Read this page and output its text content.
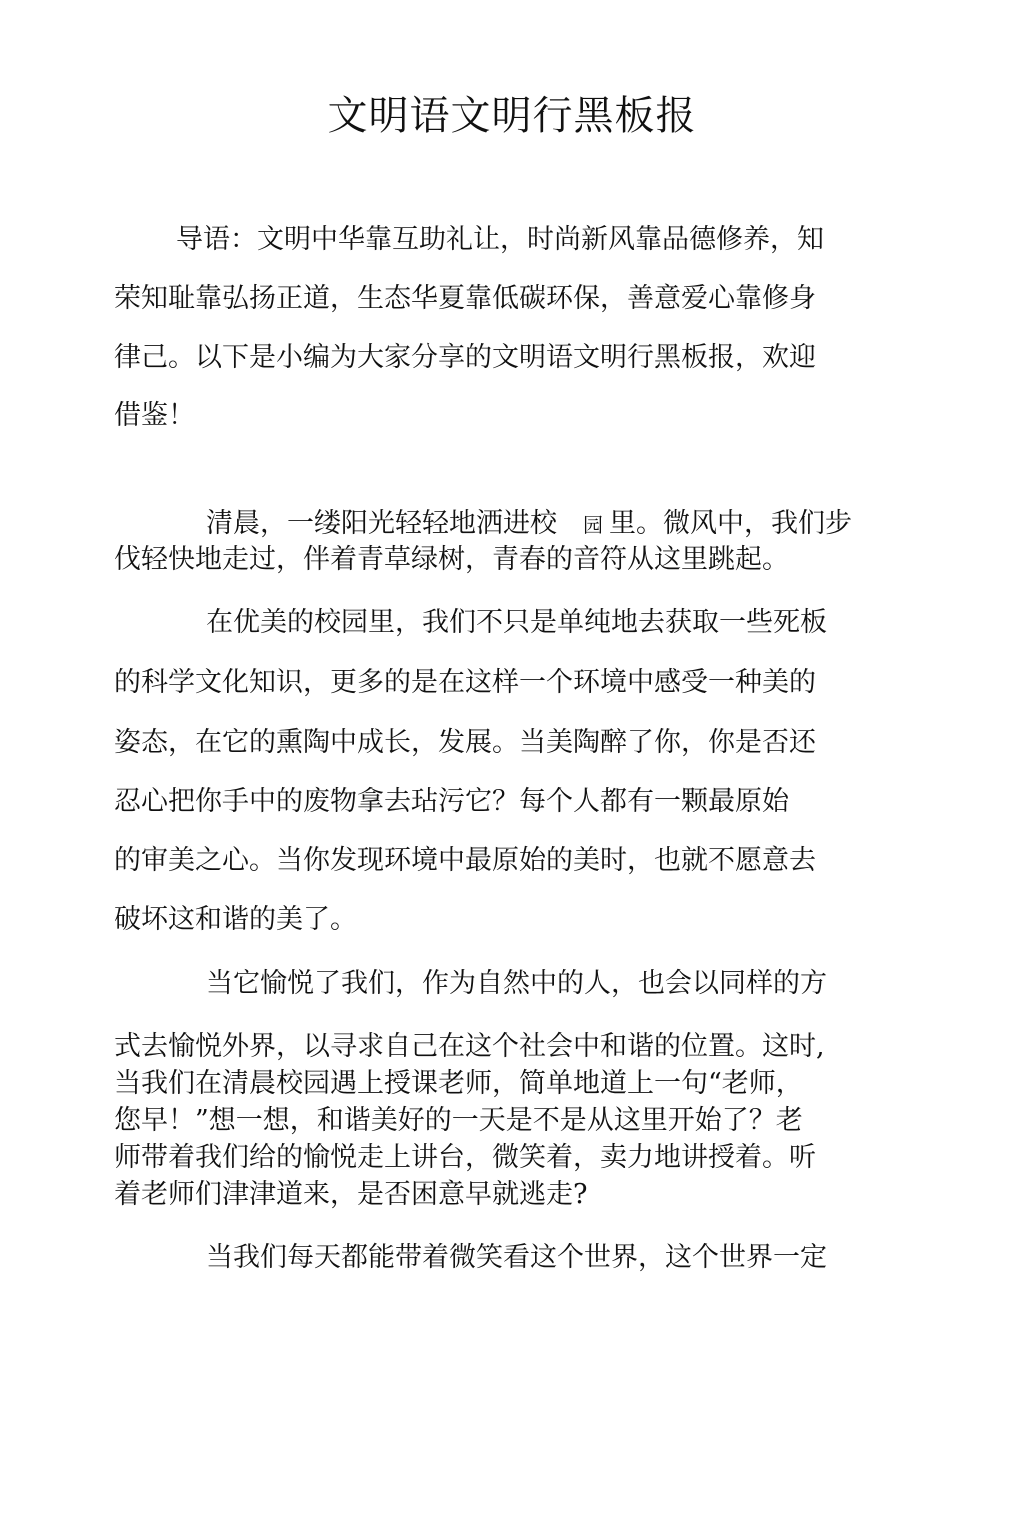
文明语文明行黑板报
导语：文明中华靠互助礼让，时尚新风靠品德修养，知
荣知耻靠弘扬正道，生态华夏靠低碳环保，善意爱心靠修身
律己。以下是小编为大家分享的文明语文明行黑板报，欢迎
借鉴！
清晨，一缕阳光轻轻地洒进校 园 里。微风中，我们步
伐轻快地走过，伴着青草绿树，青春的音符从这里跳起。
在优美的校园里，我们不只是单纯地去获取一些死板
的科学文化知识，更多的是在这样一个环境中感受一种美的
姿态，在它的熏陶中成长，发展。当美陶醉了你，你是否还
忍心把你手中的废物拿去玷污它？每个人都有一颗最原始
的审美之心。当你发现环境中最原始的美时，也就不愿意去
破坏这和谐的美了。
当它愉悦了我们，作为自然中的人，也会以同样的方
式去愉悦外界，以寻求自己在这个社会中和谐的位置。这时,
当我们在清晨校园遇上授课老师，简单地道上一句“老师，
您早！”想一想，和谐美好的一天是不是从这里开始了？老
师带着我们给的愉悦走上讲台，微笑着，卖力地讲授着。听
着老师们津津道来，是否困意早就逃走?
当我们每天都能带着微笑看这个世界，这个世界一定
